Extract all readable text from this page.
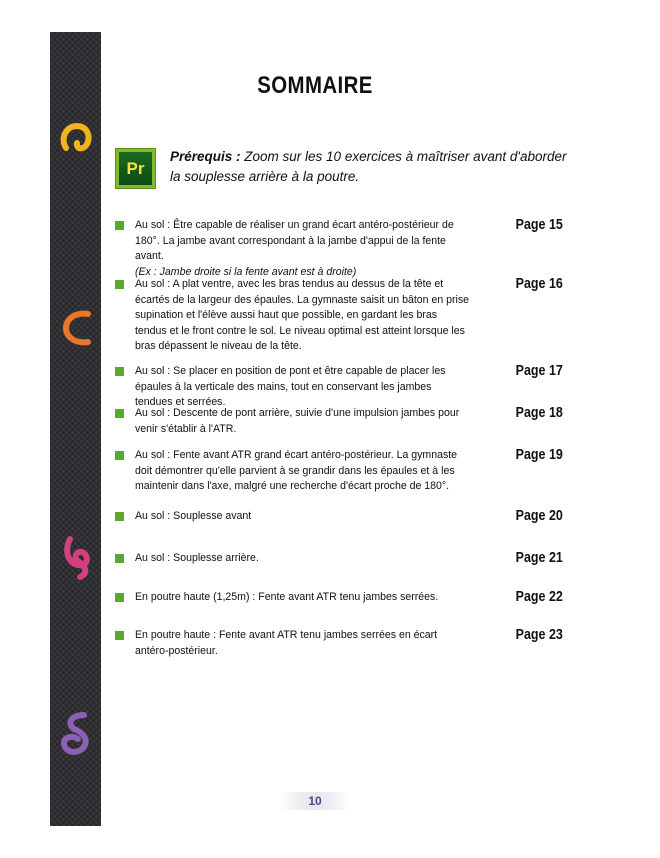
SOMMAIRE
Pr
Prérequis : Zoom sur les 10 exercices à maîtriser avant d'aborder la souplesse arrière à la poutre.
Au sol : Être capable de réaliser un grand écart antéro-postérieur de 180°. La jambe avant correspondant à la jambe d'appui de la fente avant.
(Ex : Jambe droite si la fente avant est à droite)
Page 15
Au sol : A plat ventre, avec les bras tendus au dessus de la tête et écartés de la largeur des épaules. La gymnaste saisit un bâton en prise supination et l'élève aussi haut que possible, en gardant les bras tendus et le front contre le sol. Le niveau optimal est atteint lorsque les bras dépassent le niveau de la tête.
Page 16
Au sol : Se placer en position de pont et être capable de placer les épaules à la verticale des mains, tout en conservant les jambes tendues et serrées.
Page 17
Au sol : Descente de pont arrière, suivie d'une impulsion jambes pour venir s'établir à l'ATR.
Page 18
Au sol : Fente avant ATR grand écart antéro-postérieur. La gymnaste doit démontrer qu'elle parvient à se grandir dans les épaules et à les maintenir dans l'axe, malgré une recherche d'écart proche de 180°.
Page 19
Au sol : Souplesse avant	Page 20
Au sol : Souplesse arrière.	Page 21
En poutre haute (1,25m) : Fente avant ATR tenu jambes serrées.	Page 22
En poutre haute : Fente avant ATR tenu jambes serrées en écart antéro-postérieur.
Page 23
10
